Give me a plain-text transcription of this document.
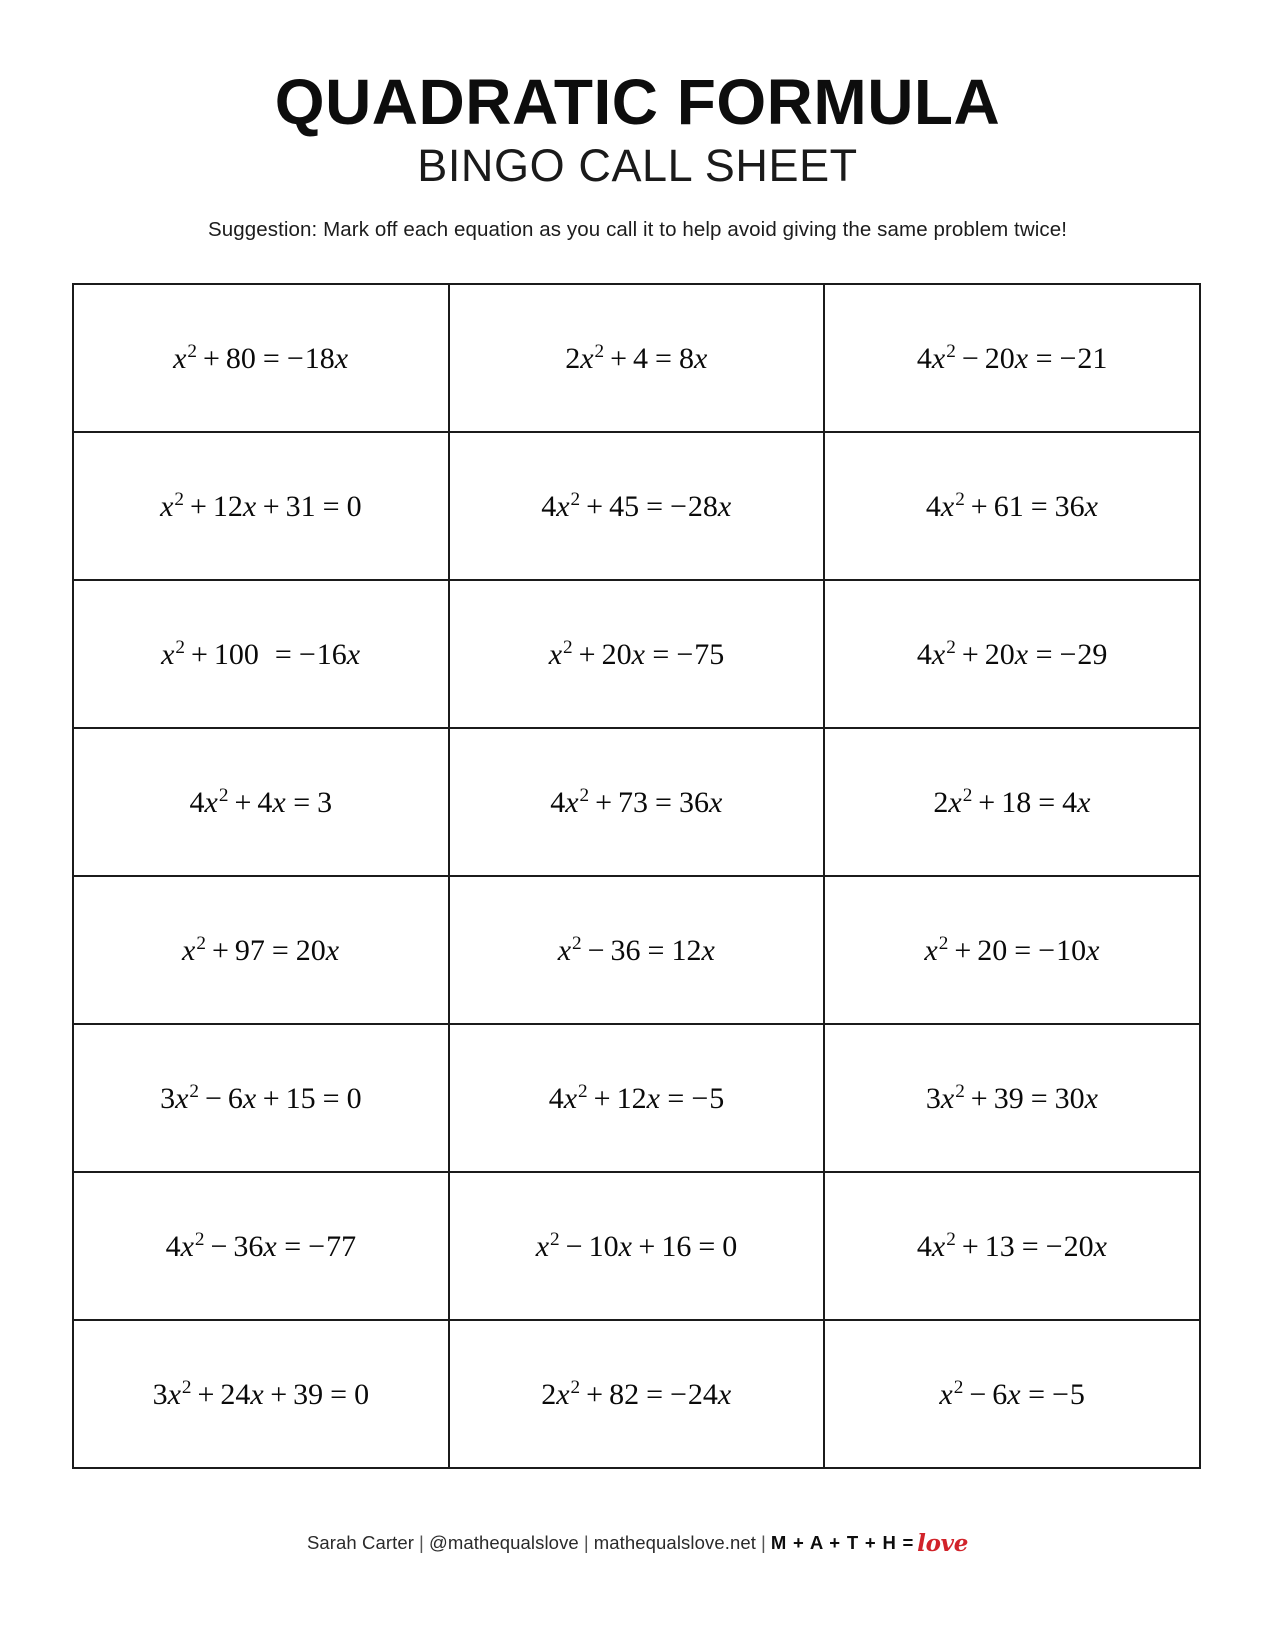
QUADRATIC FORMULA
BINGO CALL SHEET

Suggestion: Mark off each equation as you call it to help avoid giving the same problem twice!

$x^2 + 80 = -18x$	$2x^2 + 4 = 8x$	$4x^2 - 20x = -21$
$x^2 + 12x + 31 = 0$	$4x^2 + 45 = -28x$	$4x^2 + 61 = 36x$
$x^2 + 100 = -16x$	$x^2 + 20x = -75$	$4x^2 + 20x = -29$
$4x^2 + 4x = 3$	$4x^2 + 73 = 36x$	$2x^2 + 18 = 4x$
$x^2 + 97 = 20x$	$x^2 - 36 = 12x$	$x^2 + 20 = -10x$
$3x^2 - 6x + 15 = 0$	$4x^2 + 12x = -5$	$3x^2 + 39 = 30x$
$4x^2 - 36x = -77$	$x^2 - 10x + 16 = 0$	$4x^2 + 13 = -20x$
$3x^2 + 24x + 39 = 0$	$2x^2 + 82 = -24x$	$x^2 - 6x = -5$
Sarah Carter | @mathequalslove | mathequalslove.net | M + A + T + H = love
